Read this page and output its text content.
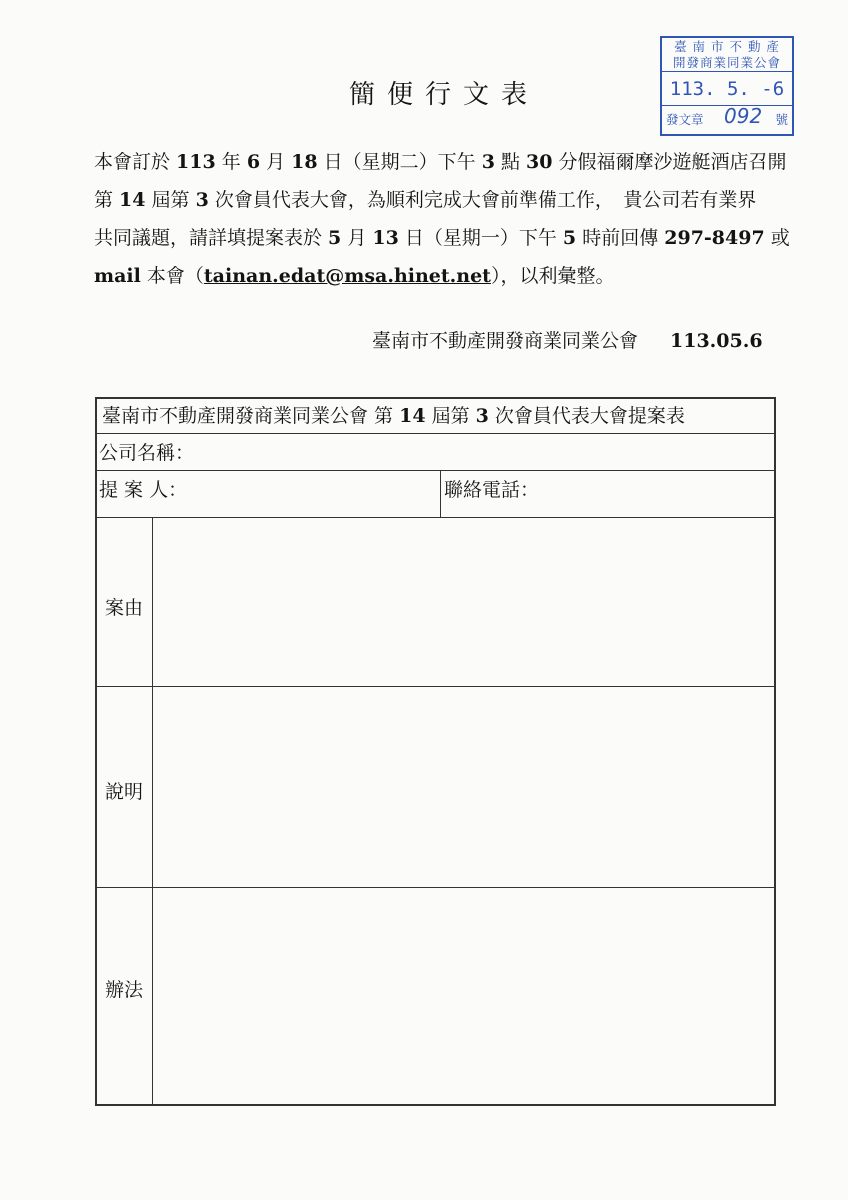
臺 南 市 不 動 產
開發商業同業公會
113. 5. -6
發文章 092 號
簡便行文表
本會訂於 113 年 6 月 18 日（星期二）下午 3 點 30 分假福爾摩沙遊艇酒店召開
第 14 屆第 3 次會員代表大會，為順利完成大會前準備工作，　貴公司若有業界
共同議題，請詳填提案表於 5 月 13 日（星期一）下午 5 時前回傳 297-8497 或
mail 本會（tainan.edat@msa.hinet.net），以利彙整。
臺南市不動產開發商業同業公會 113.05.6
臺南市不動產開發商業同業公會 第 14 屆第 3 次會員代表大會提案表
公司名稱：
提 案 人：	聯絡電話：
案由
說明
辦法
